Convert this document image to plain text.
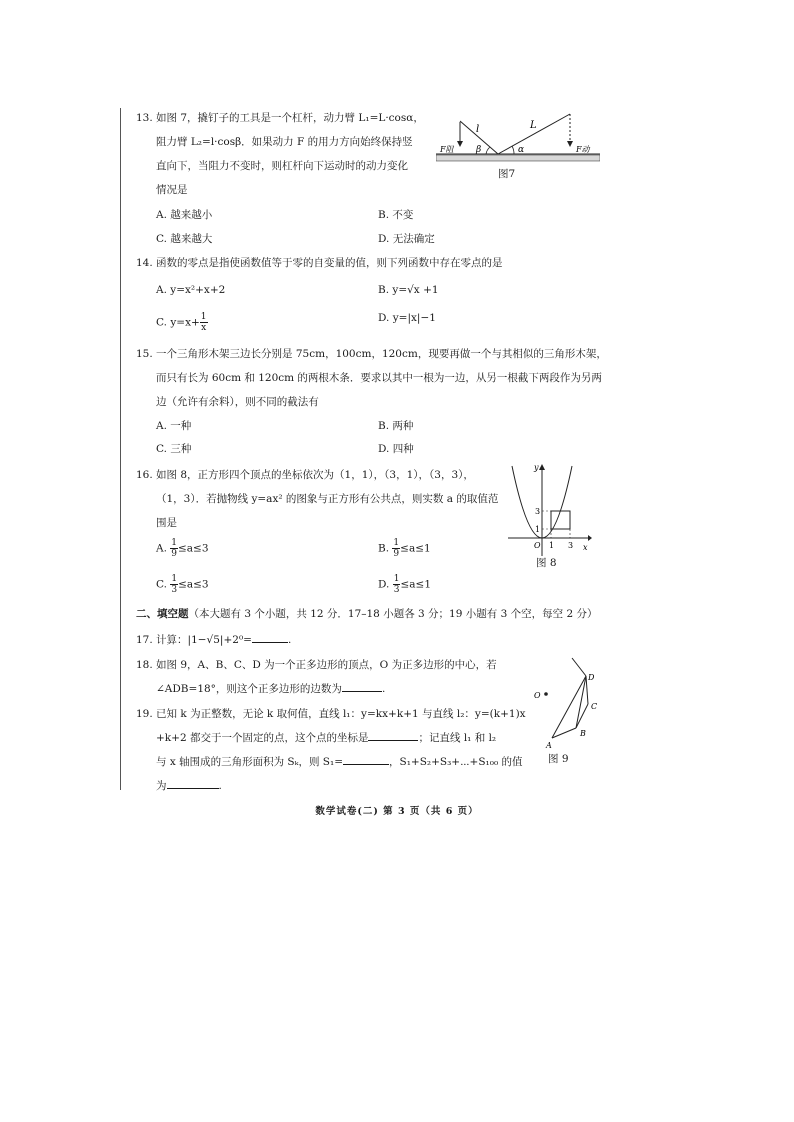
13. 如图 7，撬钉子的工具是一个杠杆，动力臂 L₁=L·cosα，
阻力臂 L₂=l·cosβ．如果动力 F 的用力方向始终保持竖
直向下，当阻力不变时，则杠杆向下运动时的动力变化
情况是
A. 越来越小	B. 不变
C. 越来越大	D. 无法确定
l	L
β	α
F阻	F动
图7
14. 函数的零点是指使函数值等于零的自变量的值，则下列函数中存在零点的是
A. y=x²+x+2	B. y=√x +1
C. $y=x+ \frac{1}{x}$	D. y=|x|−1
15. 一个三角形木架三边长分别是 75cm，100cm，120cm，现要再做一个与其相似的三角形木架，
而只有长为 60cm 和 120cm 的两根木条．要求以其中一根为一边，从另一根截下两段作为另两
边（允许有余料），则不同的截法有
A. 一种	B. 两种
C. 三种	D. 四种
16. 如图 8，正方形四个顶点的坐标依次为（1，1），（3，1），（3，3），
（1，3）．若抛物线 y=ax² 的图象与正方形有公共点，则实数 a 的取值范
围是
A. $\frac{1}{9} \le a\le 3$	B. $\frac{1}{9} \le a\le 1$
C. $\frac{1}{3} \le a\le 3$	D. $\frac{1}{3} \le a\le 1$
y
x
O 1 3
1
3
图 8
二、填空题（本大题有 3 个小题，共 12 分．17–18 小题各 3 分；19 小题有 3 个空，每空 2 分）
17. 计算：|1−√5|+2⁰=	.
18. 如图 9，A、B、C、D 为一个正多边形的顶点，O 为正多边形的中心，若
∠ADB=18°，则这个正多边形的边数为	.
O
A
B
C
D
图 9
19. 已知 k 为正整数，无论 k 取何值，直线 l₁：y=kx+k+1 与直线 l₂：y=(k+1)x
+k+2 都交于一个固定的点，这个点的坐标是	；记直线 l₁ 和 l₂
与 x 轴围成的三角形面积为 Sₖ，则 S₁=	，S₁+S₂+S₃+⋯+S₁₀₀ 的值
为	.
数学试卷(二) 第 3 页（共 6 页）
